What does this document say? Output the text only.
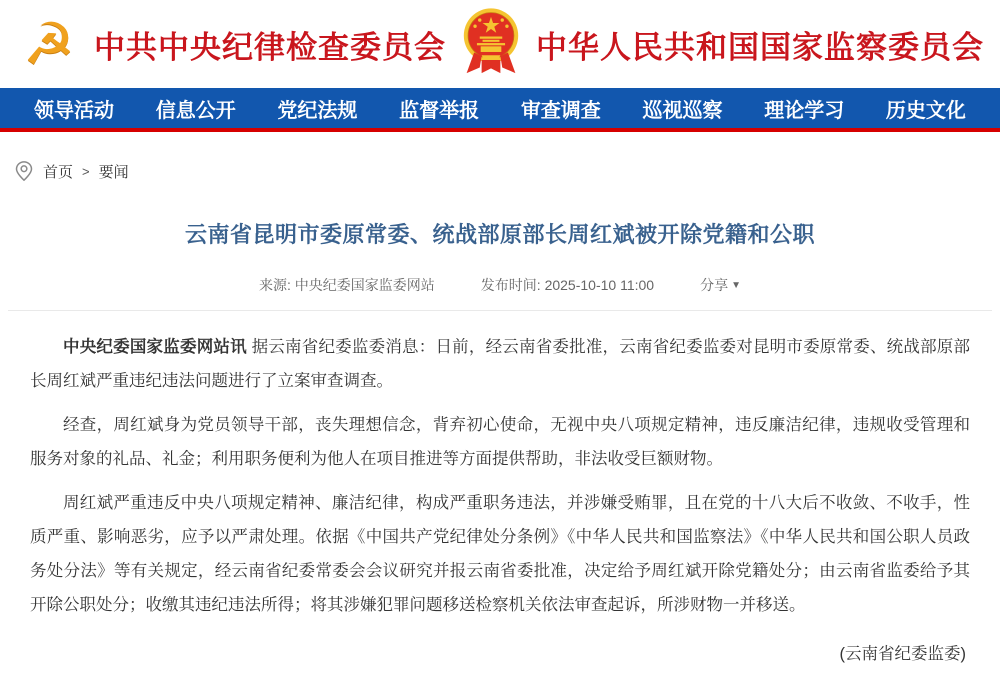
☭ 中共中央纪律检查委员会	中华人民共和国国家监察委员会
领导活动 信息公开 党纪法规 监督举报 审查调查 巡视巡察 理论学习 历史文化
首页 > 要闻
云南省昆明市委原常委、统战部原部长周红斌被开除党籍和公职
来源: 中央纪委国家监委网站	发布时间: 2025-10-10 11:00	分享 ▼

中央纪委国家监委网站讯 据云南省纪委监委消息：日前，经云南省委批准，云南省纪委监委对昆明市委原常委、统战部原部长周红斌严重违纪违法问题进行了立案审查调查。

经查，周红斌身为党员领导干部，丧失理想信念，背弃初心使命，无视中央八项规定精神，违反廉洁纪律，违规收受管理和服务对象的礼品、礼金；利用职务便利为他人在项目推进等方面提供帮助，非法收受巨额财物。

周红斌严重违反中央八项规定精神、廉洁纪律，构成严重职务违法，并涉嫌受贿罪，且在党的十八大后不收敛、不收手，性质严重、影响恶劣，应予以严肃处理。依据《中国共产党纪律处分条例》《中华人民共和国监察法》《中华人民共和国公职人员政务处分法》等有关规定，经云南省纪委常委会会议研究并报云南省委批准，决定给予周红斌开除党籍处分；由云南省监委给予其开除公职处分；收缴其违纪违法所得；将其涉嫌犯罪问题移送检察机关依法审查起诉，所涉财物一并移送。

(云南省纪委监委)
